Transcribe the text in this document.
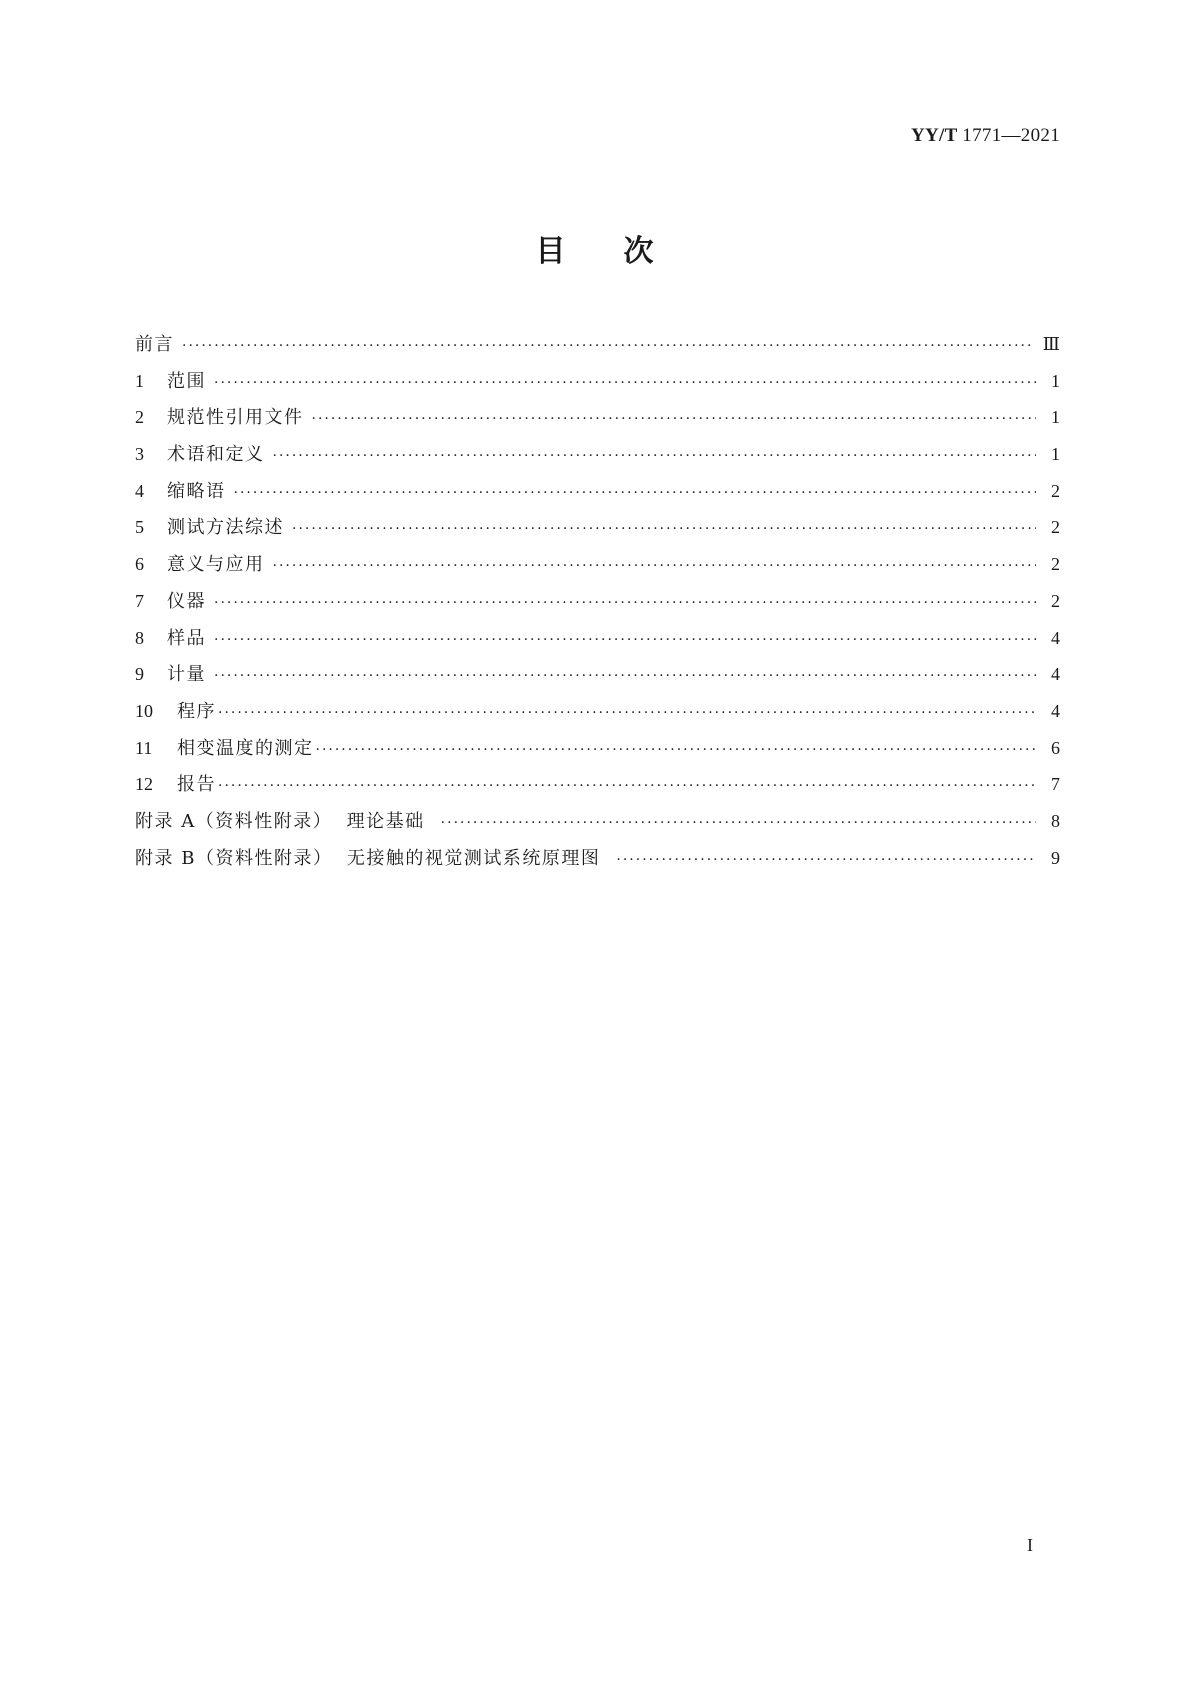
YY/T 1771—2021
目 次
前言 ·····	Ⅲ
1	范围 ·····	1
2	规范性引用文件 ·····	1
3	术语和定义 ·····	1
4	缩略语 ·····	2
5	测试方法综述 ·····	2
6	意义与应用 ·····	2
7	仪器 ·····	2
8	样品 ·····	4
9	计量 ·····	4
10	程序 ·····	4
11	相变温度的测定 ·····	6
12	报告 ·····	7
附录 A（资料性附录）  理论基础 ·····	8
附录 B（资料性附录）  无接触的视觉测试系统原理图 ·····	9
I
